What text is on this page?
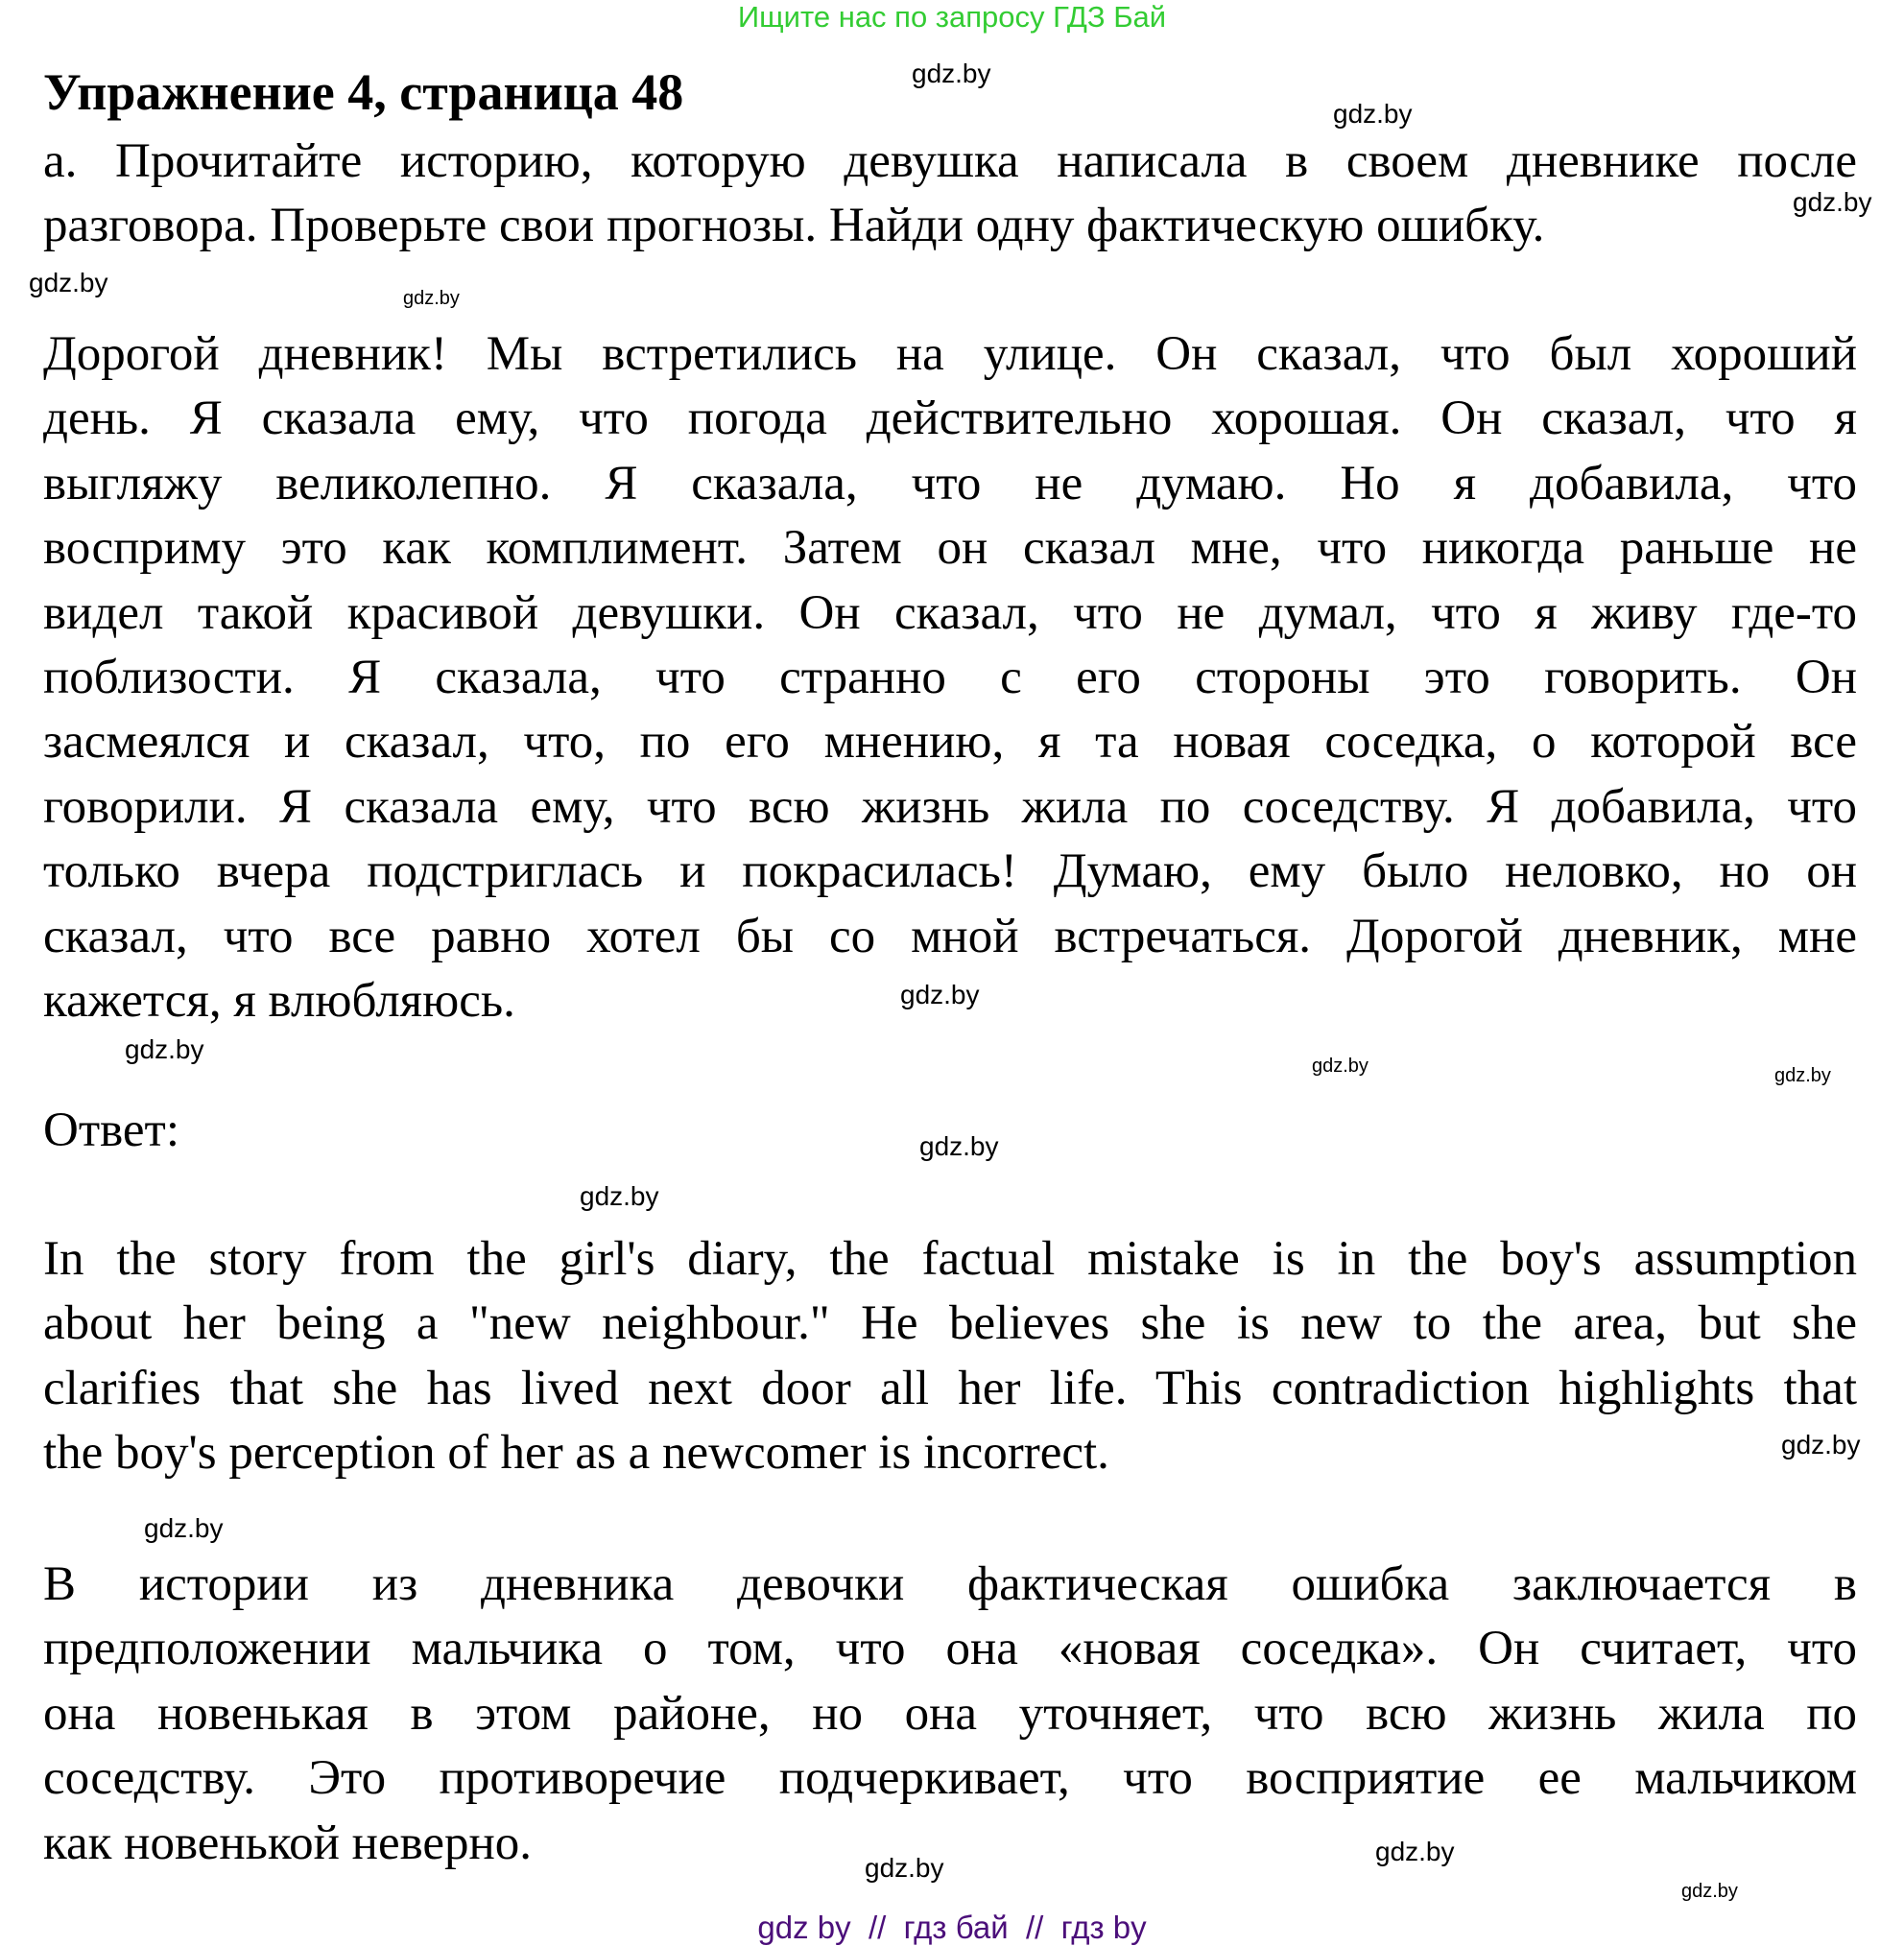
Ищите нас по запросу ГДЗ Бай
Упражнение 4, страница 48
а. Прочитайте историю, которую девушка написала в своем дневнике после
разговора. Проверьте свои прогнозы. Найди одну фактическую ошибку.
Дорогой дневник! Мы встретились на улице. Он сказал, что был хороший
день. Я сказала ему, что погода действительно хорошая. Он сказал, что я
выгляжу великолепно. Я сказала, что не думаю. Но я добавила, что
восприму это как комплимент. Затем он сказал мне, что никогда раньше не
видел такой красивой девушки. Он сказал, что не думал, что я живу где-то
поблизости. Я сказала, что странно с его стороны это говорить. Он
засмеялся и сказал, что, по его мнению, я та новая соседка, о которой все
говорили. Я сказала ему, что всю жизнь жила по соседству. Я добавила, что
только вчера подстриглась и покрасилась! Думаю, ему было неловко, но он
сказал, что все равно хотел бы со мной встречаться. Дорогой дневник, мне
кажется, я влюбляюсь.
Ответ:
In the story from the girl's diary, the factual mistake is in the boy's assumption
about her being a "new neighbour." He believes she is new to the area, but she
clarifies that she has lived next door all her life. This contradiction highlights that
the boy's perception of her as a newcomer is incorrect.
В истории из дневника девочки фактическая ошибка заключается в
предположении мальчика о том, что она «новая соседка». Он считает, что
она новенькая в этом районе, но она уточняет, что всю жизнь жила по
соседству. Это противоречие подчеркивает, что восприятие ее мальчиком
как новенькой неверно.
gdz.by
gdz.by
gdz.by
gdz.by
gdz.by
gdz.by	gdz.by
gdz.by
gdz.by
gdz.by
gdz.by
gdz.by
gdz.by
gdz.by
gdz.by
gdz.by
gdz by  //  гдз бай  //  гдз by
